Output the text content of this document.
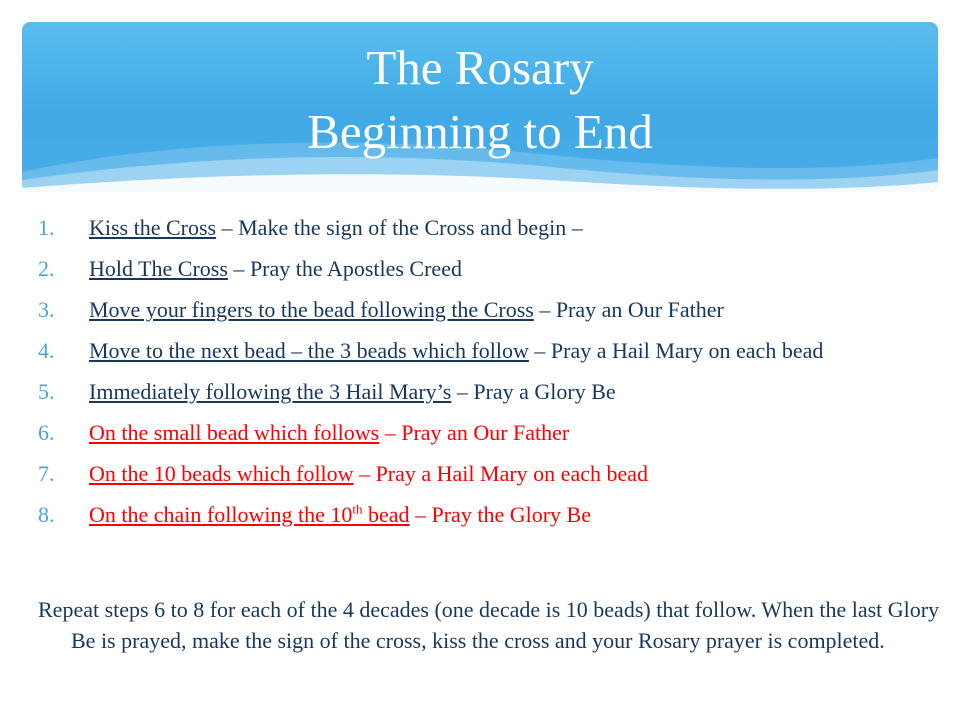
The Rosary
Beginning to End
1.	Kiss the Cross – Make the sign of the Cross and begin –
2.	Hold The Cross – Pray the Apostles Creed
3.	Move your fingers to the bead following the Cross – Pray an Our Father
4.	Move to the next bead – the 3 beads which follow – Pray a Hail Mary on each bead
5.	Immediately following the 3 Hail Mary’s – Pray a Glory Be
6.	On the small bead which follows – Pray an Our Father
7.	On the 10 beads which follow – Pray a Hail Mary on each bead
8.	On the chain following the 10th bead – Pray the Glory Be
Repeat steps 6 to 8 for each of the 4 decades (one decade is 10 beads) that follow. When the last Glory Be is prayed, make the sign of the cross, kiss the cross and your Rosary prayer is completed.
